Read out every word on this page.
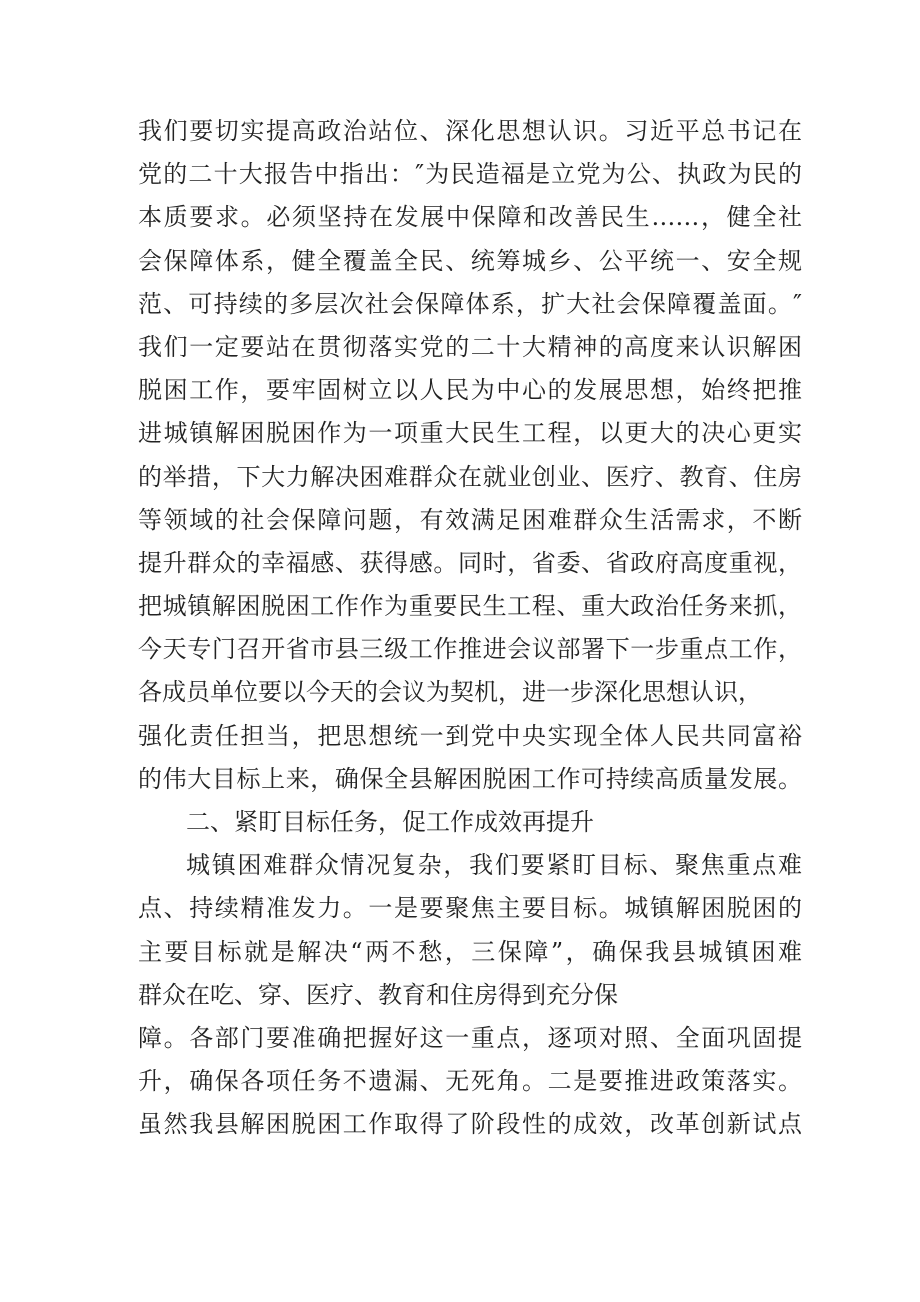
我们要切实提高政治站位、深化思想认识。习近平总书记在
党的二十大报告中指出：″为民造福是立党为公、执政为民的
本质要求。必须坚持在发展中保障和改善民生……，健全社
会保障体系，健全覆盖全民、统筹城乡、公平统一、安全规
范、可持续的多层次社会保障体系，扩大社会保障覆盖面。″
我们一定要站在贯彻落实党的二十大精神的高度来认识解困
脱困工作，要牢固树立以人民为中心的发展思想，始终把推
进城镇解困脱困作为一项重大民生工程，以更大的决心更实
的举措，下大力解决困难群众在就业创业、医疗、教育、住房
等领域的社会保障问题，有效满足困难群众生活需求，不断
提升群众的幸福感、获得感。同时，省委、省政府高度重视，
把城镇解困脱困工作作为重要民生工程、重大政治任务来抓，
今天专门召开省市县三级工作推进会议部署下一步重点工作，
各成员单位要以今天的会议为契机，进一步深化思想认识，
强化责任担当，把思想统一到党中央实现全体人民共同富裕
的伟大目标上来，确保全县解困脱困工作可持续高质量发展。
二、紧盯目标任务，促工作成效再提升
城镇困难群众情况复杂，我们要紧盯目标、聚焦重点难
点、持续精准发力。一是要聚焦主要目标。城镇解困脱困的
主要目标就是解决“两不愁，三保障”，确保我县城镇困难
群众在吃、穿、医疗、教育和住房得到充分保
障。各部门要准确把握好这一重点，逐项对照、全面巩固提
升，确保各项任务不遗漏、无死角。二是要推进政策落实。
虽然我县解困脱困工作取得了阶段性的成效，改革创新试点
